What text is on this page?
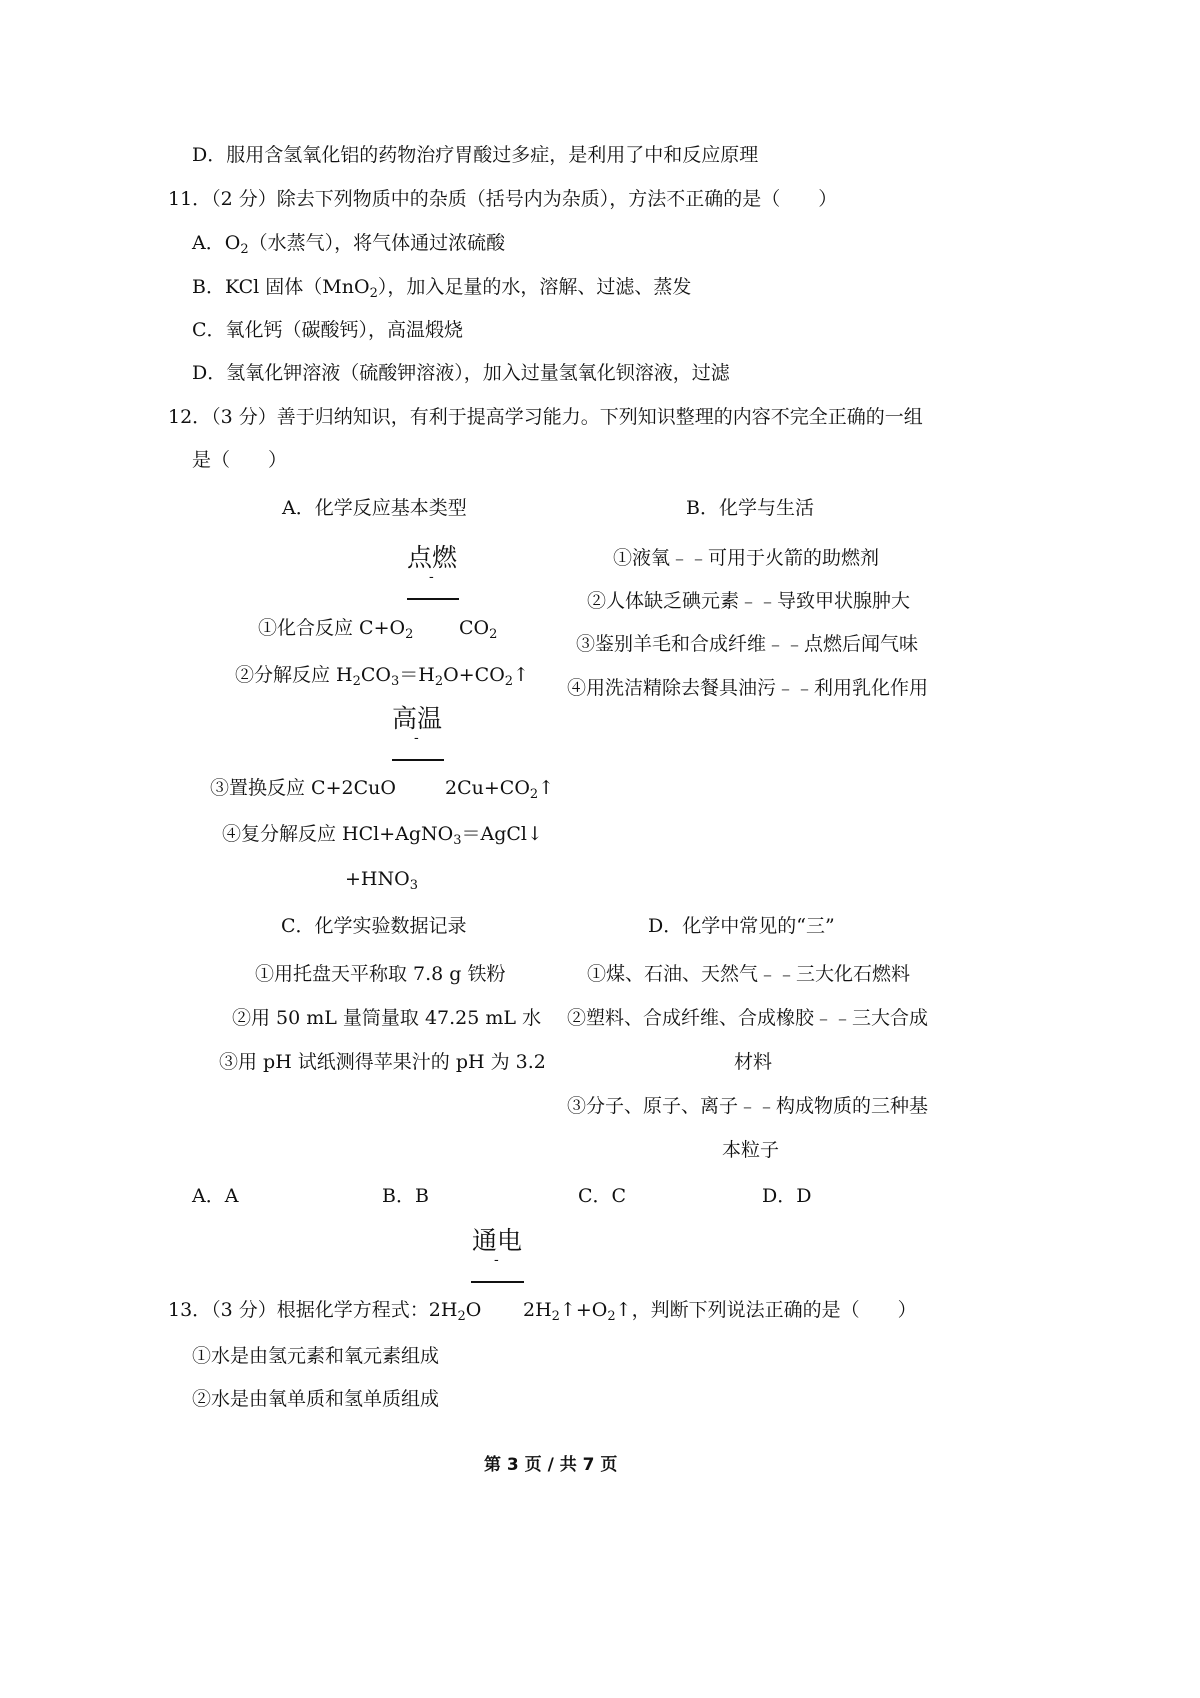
D．服用含氢氧化铝的药物治疗胃酸过多症，是利用了中和反应原理
11．（2 分）除去下列物质中的杂质（括号内为杂质），方法不正确的是（　　）
A．$O_2$（水蒸气），将气体通过浓硫酸
B．KCl 固体（MnO$_2$），加入足量的水，溶解、过滤、蒸发
C．氧化钙（碳酸钙），高温煅烧
D．氢氧化钾溶液（硫酸钾溶液），加入过量氢氧化钡溶液，过滤
12．（3 分）善于归纳知识，有利于提高学习能力。下列知识整理的内容不完全正确的一组
是（　　）
A．化学反应基本类型
点燃
-
①化合反应 $C+O_2$ $CO_2$
②分解反应 $H_2CO_3=H_2O+CO_2↑$
高温
-
③置换反应 C+2CuO	$2Cu+CO_2↑$
④复分解反应 HCl+AgNO$_3$＝AgCl↓
$+HNO_3$
B．化学与生活
①液氧﹣﹣可用于火箭的助燃剂
②人体缺乏碘元素﹣﹣导致甲状腺肿大
③鉴别羊毛和合成纤维﹣﹣点燃后闻气味
④用洗洁精除去餐具油污﹣﹣利用乳化作用
C．化学实验数据记录
①用托盘天平称取 7.8 g 铁粉
②用 50 mL 量筒量取 47.25 mL 水
③用 pH 试纸测得苹果汁的 pH 为 3.2
D．化学中常见的“三”
①煤、石油、天然气﹣﹣三大化石燃料
②塑料、合成纤维、合成橡胶﹣﹣三大合成
材料
③分子、原子、离子﹣﹣构成物质的三种基
本粒子
A．A	B．B	C．C	D．D
通电
-
13．（3 分）根据化学方程式：$2H_2O$ $2H_2↑+O_2↑$，判断下列说法正确的是（　　）
①水是由氢元素和氧元素组成
②水是由氧单质和氢单质组成
第 3 页 / 共 7 页
